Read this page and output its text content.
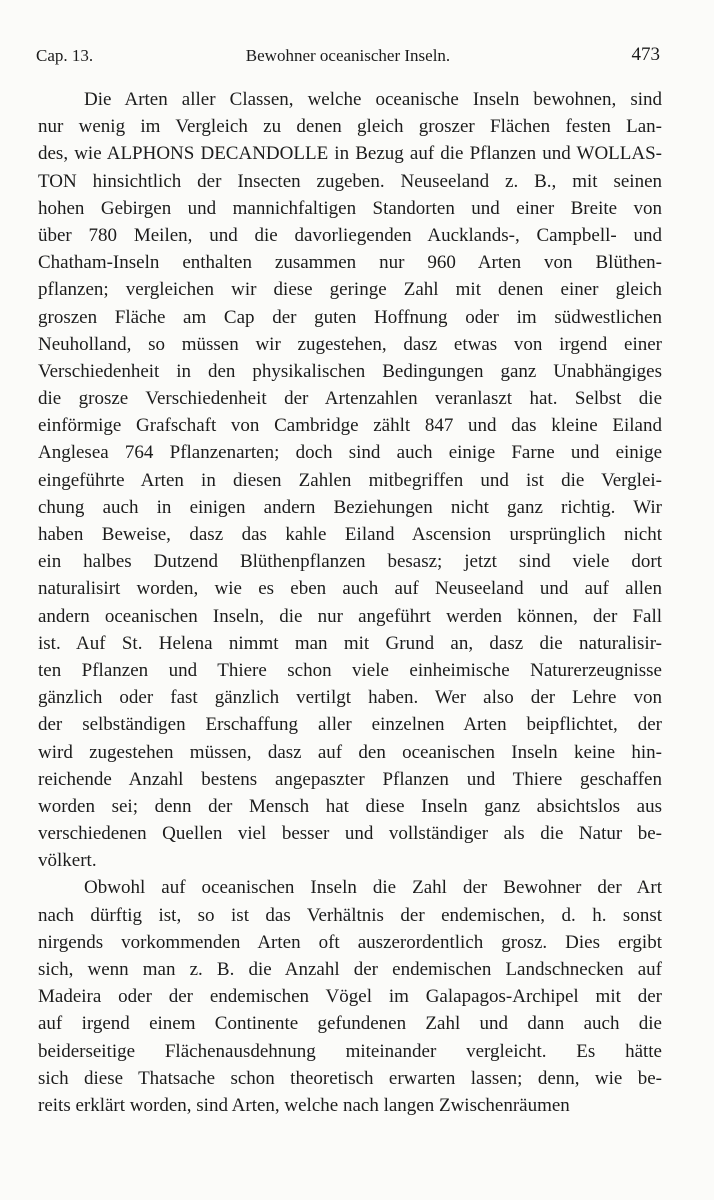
Cap. 13.	Bewohner oceanischer Inseln.	473
Die Arten aller Classen, welche oceanische Inseln bewohnen, sind
nur wenig im Vergleich zu denen gleich groszer Flächen festen Lan-
des, wie ALPHONS DECANDOLLE in Bezug auf die Pflanzen und WOLLAS-
TON hinsichtlich der Insecten zugeben. Neuseeland z. B., mit seinen
hohen Gebirgen und mannichfaltigen Standorten und einer Breite von
über 780 Meilen, und die davorliegenden Aucklands-, Campbell- und
Chatham-Inseln enthalten zusammen nur 960 Arten von Blüthen-
pflanzen; vergleichen wir diese geringe Zahl mit denen einer gleich
groszen Fläche am Cap der guten Hoffnung oder im südwestlichen
Neuholland, so müssen wir zugestehen, dasz etwas von irgend einer
Verschiedenheit in den physikalischen Bedingungen ganz Unabhängiges
die grosze Verschiedenheit der Artenzahlen veranlaszt hat. Selbst die
einförmige Grafschaft von Cambridge zählt 847 und das kleine Eiland
Anglesea 764 Pflanzenarten; doch sind auch einige Farne und einige
eingeführte Arten in diesen Zahlen mitbegriffen und ist die Verglei-
chung auch in einigen andern Beziehungen nicht ganz richtig. Wir
haben Beweise, dasz das kahle Eiland Ascension ursprünglich nicht
ein halbes Dutzend Blüthenpflanzen besasz; jetzt sind viele dort
naturalisirt worden, wie es eben auch auf Neuseeland und auf allen
andern oceanischen Inseln, die nur angeführt werden können, der Fall
ist. Auf St. Helena nimmt man mit Grund an, dasz die naturalisir-
ten Pflanzen und Thiere schon viele einheimische Naturerzeugnisse
gänzlich oder fast gänzlich vertilgt haben. Wer also der Lehre von
der selbständigen Erschaffung aller einzelnen Arten beipflichtet, der
wird zugestehen müssen, dasz auf den oceanischen Inseln keine hin-
reichende Anzahl bestens angepaszter Pflanzen und Thiere geschaffen
worden sei; denn der Mensch hat diese Inseln ganz absichtslos aus
verschiedenen Quellen viel besser und vollständiger als die Natur be-
völkert.
Obwohl auf oceanischen Inseln die Zahl der Bewohner der Art
nach dürftig ist, so ist das Verhältnis der endemischen, d. h. sonst
nirgends vorkommenden Arten oft auszerordentlich grosz. Dies ergibt
sich, wenn man z. B. die Anzahl der endemischen Landschnecken auf
Madeira oder der endemischen Vögel im Galapagos-Archipel mit der
auf irgend einem Continente gefundenen Zahl und dann auch die
beiderseitige Flächenausdehnung miteinander vergleicht. Es hätte
sich diese Thatsache schon theoretisch erwarten lassen; denn, wie be-
reits erklärt worden, sind Arten, welche nach langen Zwischenräumen
